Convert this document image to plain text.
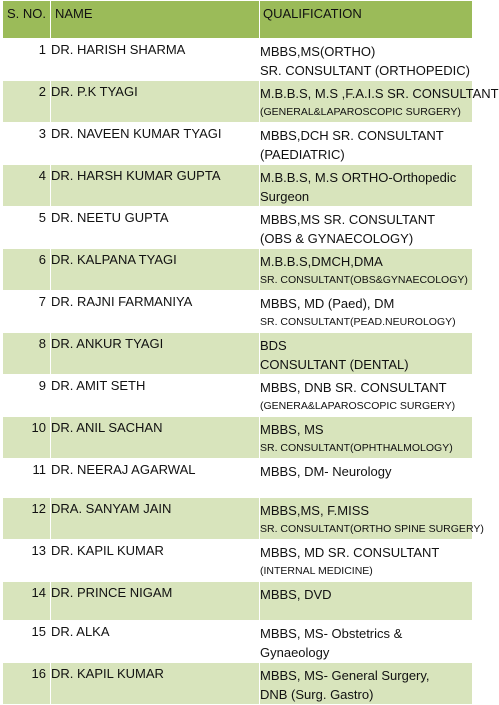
S. NO.	NAME	QUALIFICATION
1	DR. HARISH SHARMA	MBBS,MS(ORTHO)
SR. CONSULTANT (ORTHOPEDIC)

2	DR. P.K TYAGI	M.B.B.S, M.S ,F.A.I.S SR. CONSULTANT
(GENERAL&LAPAROSCOPIC SURGERY)

3	DR. NAVEEN KUMAR TYAGI	MBBS,DCH SR. CONSULTANT
(PAEDIATRIC)

4	DR. HARSH KUMAR GUPTA	M.B.B.S, M.S ORTHO-Orthopedic
Surgeon

5	DR. NEETU GUPTA	MBBS,MS SR. CONSULTANT
(OBS & GYNAECOLOGY)

6	DR. KALPANA TYAGI	M.B.B.S,DMCH,DMA
SR. CONSULTANT(OBS&GYNAECOLOGY)

7	DR. RAJNI FARMANIYA	MBBS, MD (Paed), DM
SR. CONSULTANT(PEAD.NEUROLOGY)

8	DR. ANKUR TYAGI	BDS
CONSULTANT (DENTAL)

9	DR. AMIT SETH	MBBS, DNB SR. CONSULTANT
(GENERA&LAPAROSCOPIC SURGERY)

10	DR. ANIL SACHAN	MBBS, MS
SR. CONSULTANT(OPHTHALMOLOGY)

11	DR. NEERAJ AGARWAL	MBBS, DM- Neurology

12	DRA. SANYAM JAIN	MBBS,MS, F.MISS
SR. CONSULTANT(ORTHO SPINE SURGERY)

13	DR. KAPIL KUMAR	MBBS, MD SR. CONSULTANT
(INTERNAL MEDICINE)

14	DR. PRINCE NIGAM	MBBS, DVD

15	DR. ALKA	MBBS, MS- Obstetrics &
Gynaeology

16	DR. KAPIL KUMAR	MBBS, MS- General Surgery,
DNB (Surg. Gastro)
